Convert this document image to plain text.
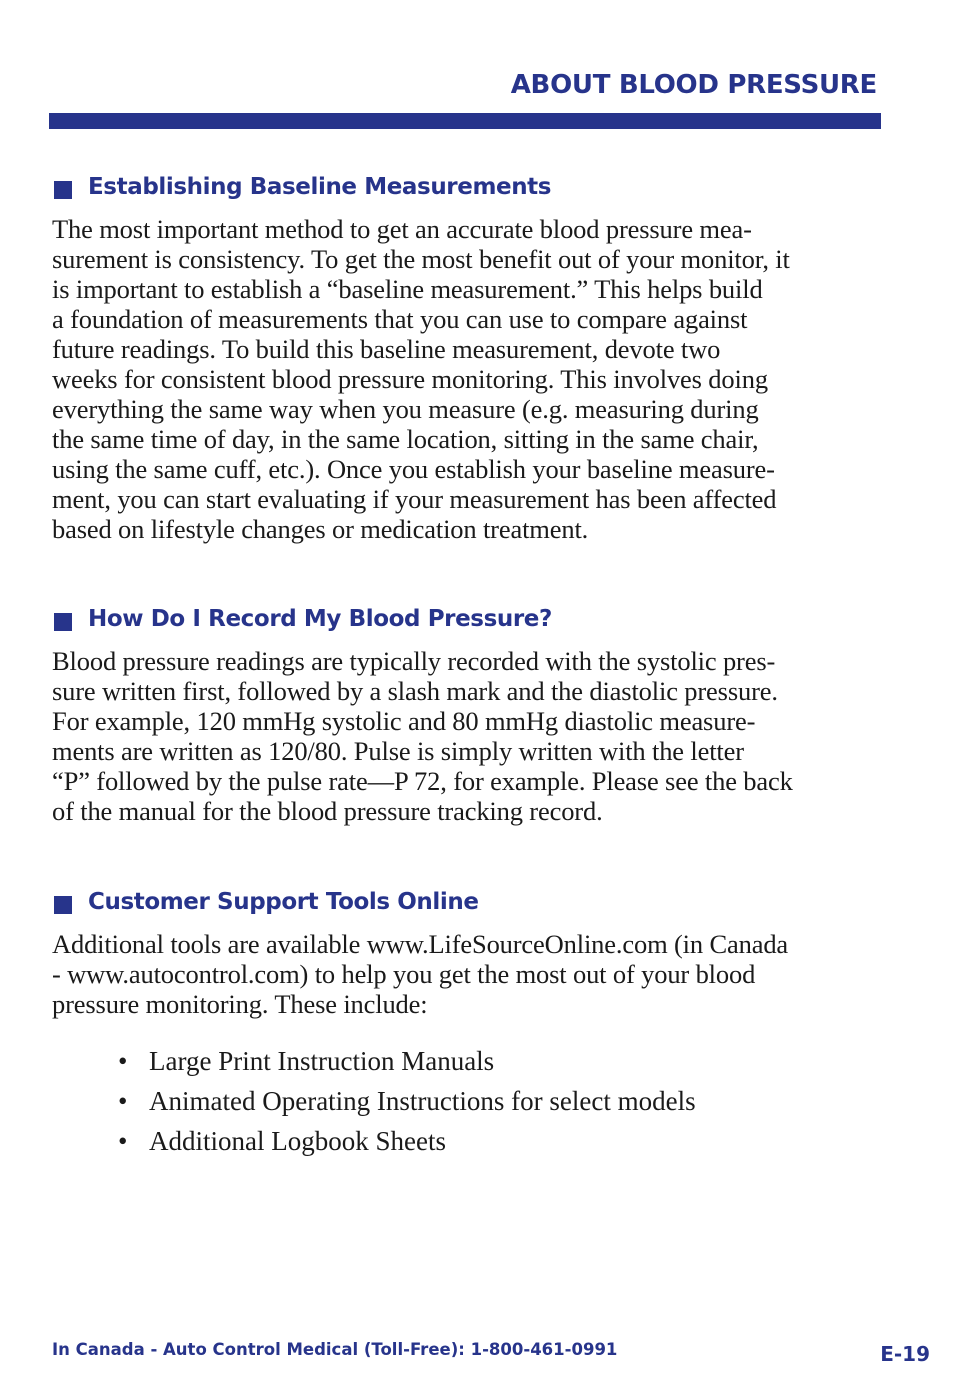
ABOUT BLOOD PRESSURE
Establishing Baseline Measurements
The most important method to get an accurate blood pressure mea-
surement is consistency. To get the most benefit out of your monitor, it
is important to establish a “baseline measurement.” This helps build
a foundation of measurements that you can use to compare against
future readings. To build this baseline measurement, devote two
weeks for consistent blood pressure monitoring. This involves doing
everything the same way when you measure (e.g. measuring during
the same time of day, in the same location, sitting in the same chair,
using the same cuff, etc.). Once you establish your baseline measure-
ment, you can start evaluating if your measurement has been affected
based on lifestyle changes or medication treatment.
How Do I Record My Blood Pressure?
Blood pressure readings are typically recorded with the systolic pres-
sure written first, followed by a slash mark and the diastolic pressure.
For example, 120 mmHg systolic and 80 mmHg diastolic measure-
ments are written as 120/80. Pulse is simply written with the letter
“P” followed by the pulse rate—P 72, for example. Please see the back
of the manual for the blood pressure tracking record.
Customer Support Tools Online
Additional tools are available www.LifeSourceOnline.com (in Canada
- www.autocontrol.com) to help you get the most out of your blood
pressure monitoring. These include:
• Large Print Instruction Manuals
• Animated Operating Instructions for select models
• Additional Logbook Sheets
In Canada - Auto Control Medical (Toll-Free): 1-800-461-0991	E-19
